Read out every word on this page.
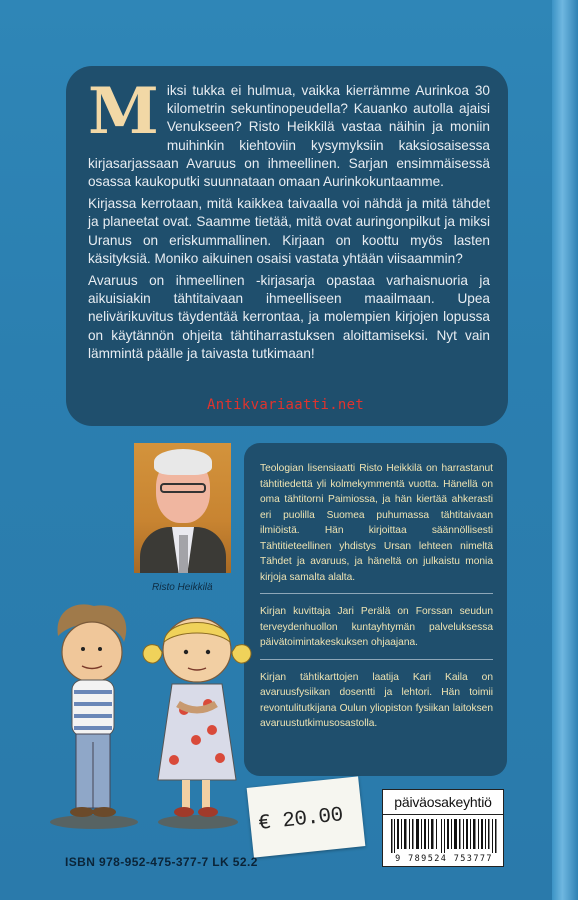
M iksi tukka ei hulmua, vaikka kierrämme Aurinkoa 30 kilometrin sekuntinopeudella? Kauanko autolla ajaisi Venukseen? Risto Heikkilä vastaa näihin ja moniin muihinkin kiehtoviin kysymyksiin kaksiosaisessa kirjasarjassaan Avaruus on ihmeellinen. Sarjan ensimmäisessä osassa kaukoputki suunnataan omaan Aurinkokuntaamme.

Kirjassa kerrotaan, mitä kaikkea taivaalla voi nähdä ja mitä tähdet ja planeetat ovat. Saamme tietää, mitä ovat auringonpilkut ja miksi Uranus on eriskummallinen. Kirjaan on koottu myös lasten käsityksiä. Moniko aikuinen osaisi vastata yhtään viisaammin?

Avaruus on ihmeellinen -kirjasarja opastaa varhaisnuoria ja aikuisiakin tähtitaivaan ihmeelliseen maailmaan. Upea nelivärikuvitus täydentää kerrontaa, ja molempien kirjojen lopussa on käytännön ohjeita tähtiharrastuksen aloittamiseksi. Nyt vain lämmintä päälle ja taivasta tutkimaan!

Antikvariaatti.net
Risto Heikkilä

Teologian lisensiaatti Risto Heikkilä on harrastanut tähtitiedettä yli kolmekymmentä vuotta. Hänellä on oma tähtitorni Paimiossa, ja hän kiertää ahkerasti eri puolilla Suomea puhumassa tähtitaivaan ilmiöistä. Hän kirjoittaa säännöllisesti Tähtitieteellinen yhdistys Ursan lehteen nimeltä Tähdet ja avaruus, ja häneltä on julkaistu monia kirjoja samalta alalta.

Kirjan kuvittaja Jari Perälä on Forssan seudun terveydenhuollon kuntayhtymän palveluksessa päivätoimintakeskuksen ohjaajana.

Kirjan tähtikarttojen laatija Kari Kaila on avaruusfysiikan dosentti ja lehtori. Hän toimii revontulitutkijana Oulun yliopiston fysiikan laitoksen avaruustutkimusosastolla.

€ 20.00
päiväosakeyhtiö
9 789524 753777
ISBN 978-952-475-377-7 LK 52.2
